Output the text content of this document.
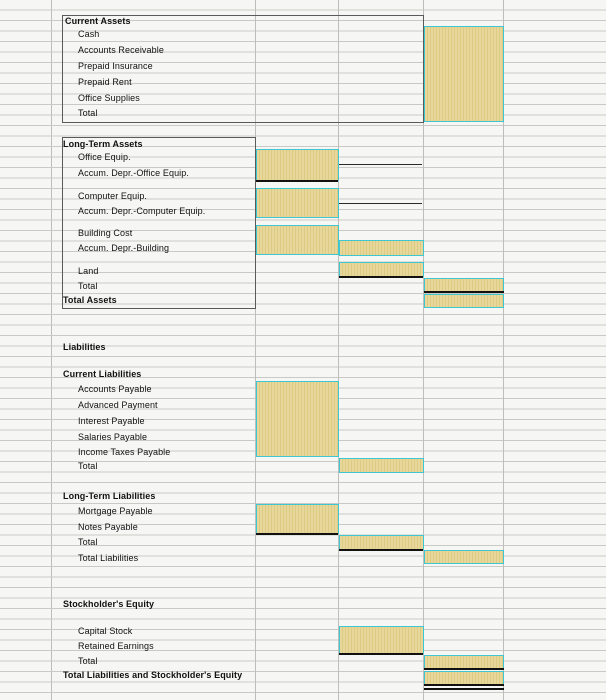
Current Assets
Cash
Accounts Receivable
Prepaid Insurance
Prepaid Rent
Office Supplies
Total
Long-Term Assets
Office Equip.
Accum. Depr.-Office Equip.
Computer Equip.
Accum. Depr.-Computer Equip.
Building Cost
Accum. Depr.-Building
Land
Total
Total Assets
Liabilities
Current Liabilities
Accounts Payable
Advanced Payment
Interest Payable
Salaries Payable
Income Taxes Payable
Total
Long-Term Liabilities
Mortgage Payable
Notes Payable
Total
Total Liabilities
Stockholder's Equity
Capital Stock
Retained Earnings
Total
Total Liabilities and Stockholder's Equity
